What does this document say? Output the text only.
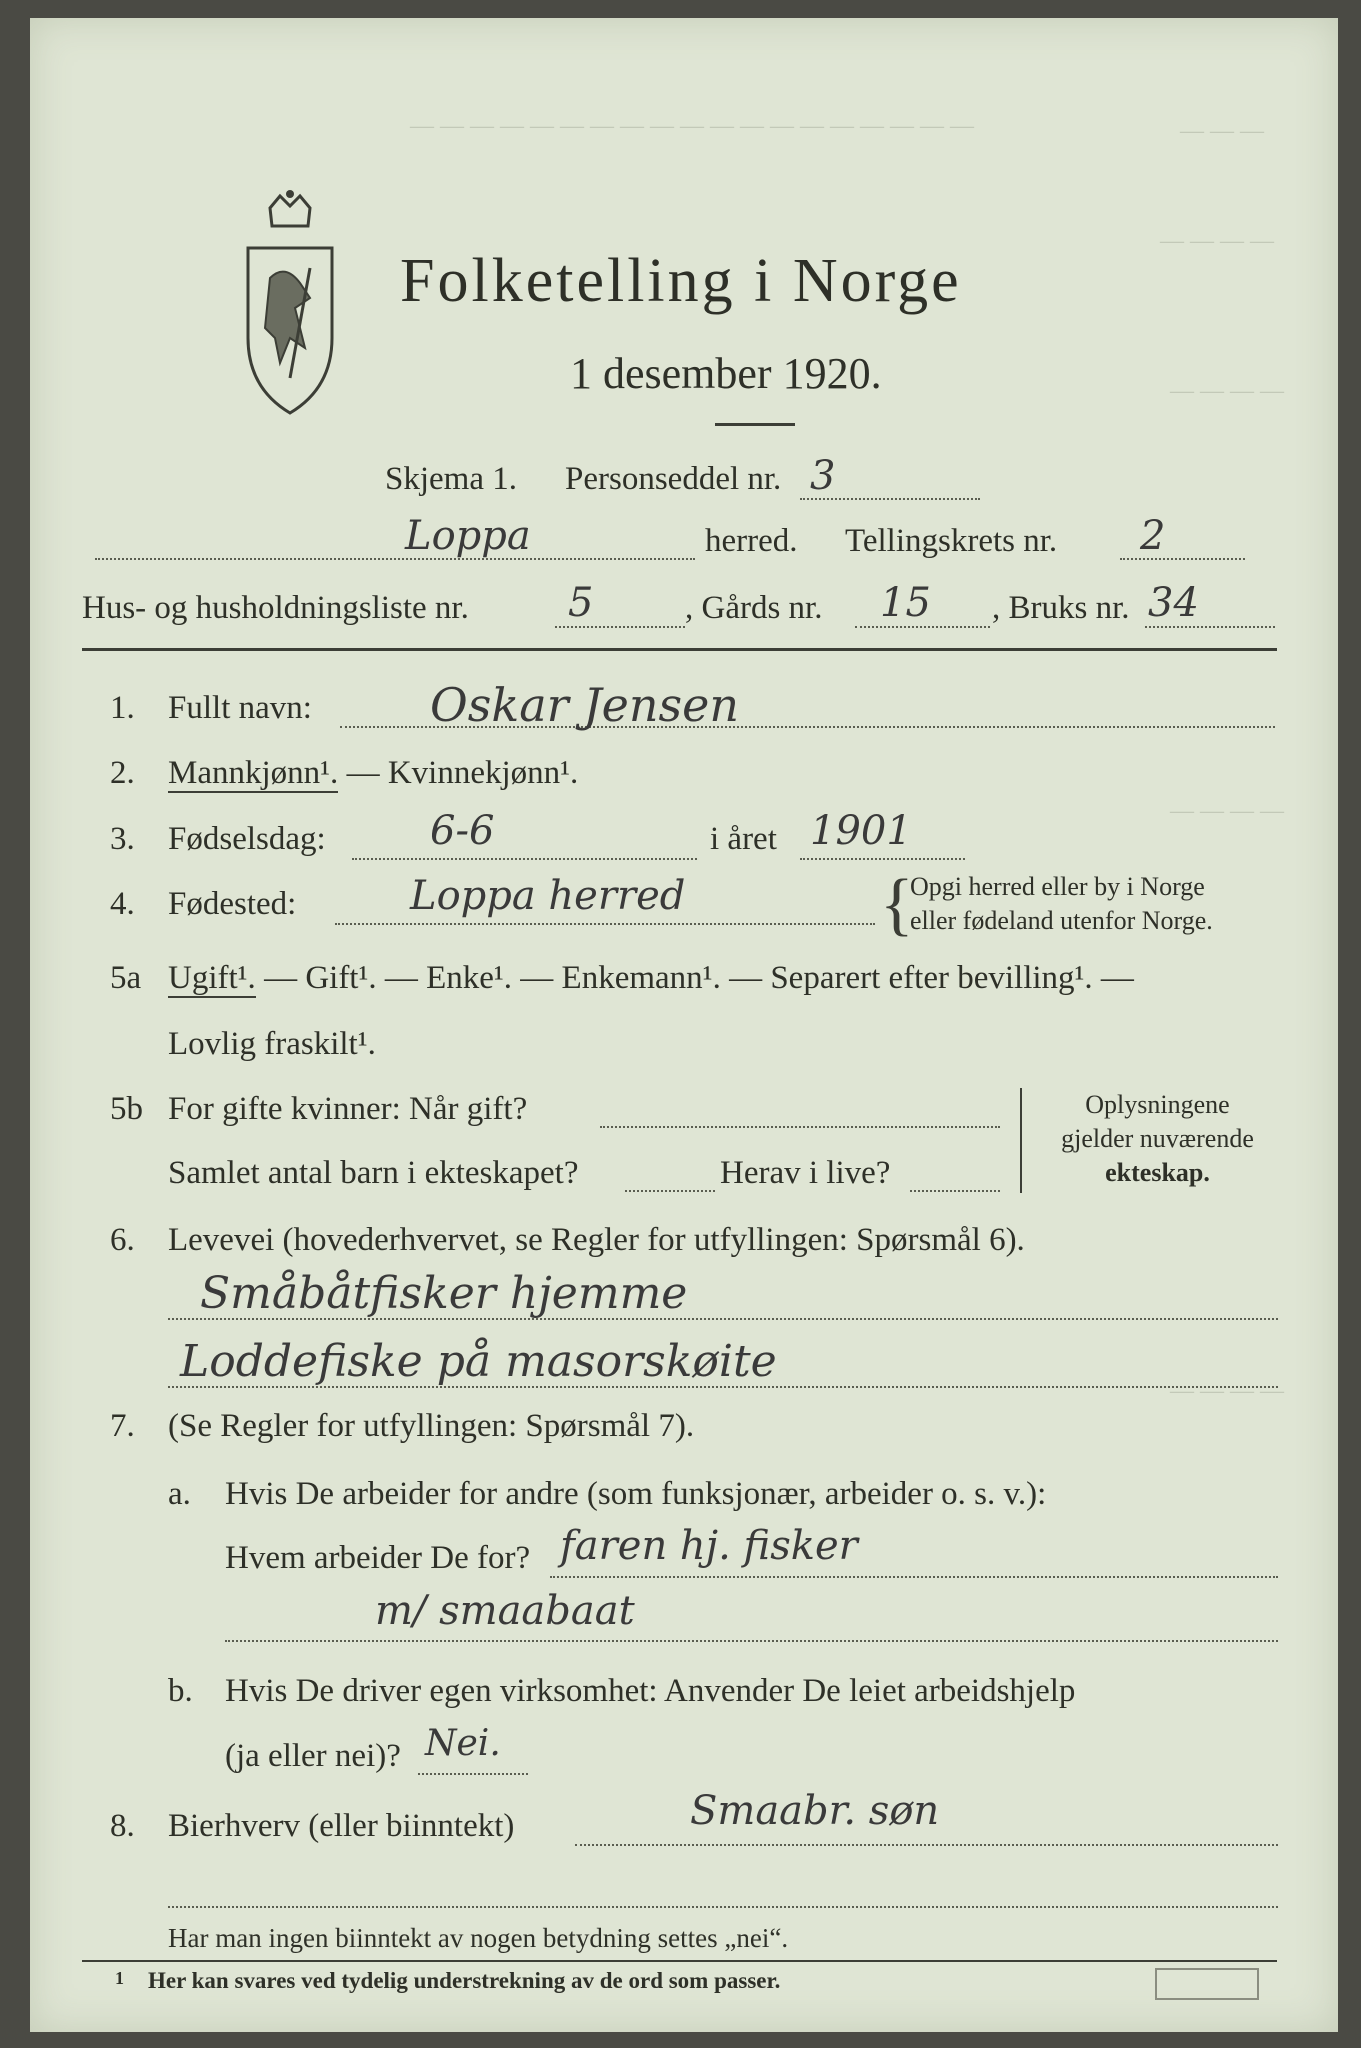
— — — — — — — — — — — — — — — — — — —	— — —
— — — —
— — — —
— — — —
— — — —
Folketelling i Norge
1 desember 1920.
Skjema 1. Personseddel nr. 3
Loppa	herred. Tellingskrets nr. 2
Hus- og husholdningsliste nr. 5	, Gårds nr. 15 , Bruks nr. 34
1. Fullt navn:	Oskar Jensen
2. Mannkjønn¹. — Kvinnekjønn¹.
3. Fødselsdag:	6-6	i året 1901
4. Fødested:	Loppa herred	{
Opgi herred eller by i Norge
eller fødeland utenfor Norge.
5a Ugift¹. — Gift¹. — Enke¹. — Enkemann¹. — Separert efter bevilling¹. —
Lovlig fraskilt¹.
5b For gifte kvinner: Når gift?
Samlet antal barn i ekteskapet?	Herav i live?
Oplysningene
gjelder nuværende
ekteskap.
6. Levevei (hovederhvervet, se Regler for utfyllingen: Spørsmål 6).
Småbåtfisker hjemme
Loddefiske på masorskøite
7. (Se Regler for utfyllingen: Spørsmål 7).
a. Hvis De arbeider for andre (som funksjonær, arbeider o. s. v.):
Hvem arbeider De for? faren hj. fisker
m/ smaabaat
b. Hvis De driver egen virksomhet: Anvender De leiet arbeidshjelp
(ja eller nei)? Nei.
8. Bierhverv (eller biinntekt)	Smaabr. søn
Har man ingen biinntekt av nogen betydning settes „nei“.
1 Her kan svares ved tydelig understrekning av de ord som passer.
